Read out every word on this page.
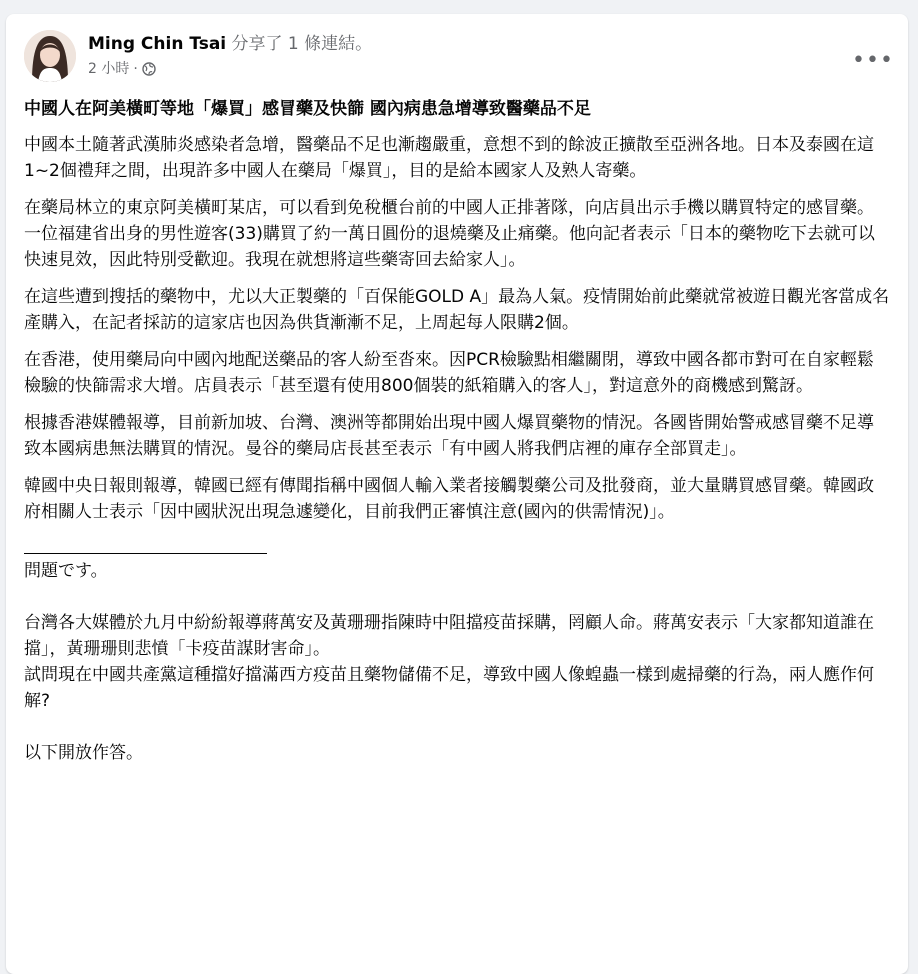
Ming Chin Tsai 分享了 1 條連結。
2 小時 ·	•••
中國人在阿美橫町等地「爆買」感冒藥及快篩 國內病患急增導致醫藥品不足
中國本土隨著武漢肺炎感染者急增，醫藥品不足也漸趨嚴重，意想不到的餘波正擴散至亞洲各地。日本及泰國在這1~2個禮拜之間，出現許多中國人在藥局「爆買」，目的是給本國家人及熟人寄藥。
在藥局林立的東京阿美橫町某店，可以看到免稅櫃台前的中國人正排著隊，向店員出示手機以購買特定的感冒藥。一位福建省出身的男性遊客(33)購買了約一萬日圓份的退燒藥及止痛藥。他向記者表示「日本的藥物吃下去就可以快速見效，因此特別受歡迎。我現在就想將這些藥寄回去給家人」。
在這些遭到搜括的藥物中，尤以大正製藥的「百保能GOLD A」最為人氣。疫情開始前此藥就常被遊日觀光客當成名產購入，在記者採訪的這家店也因為供貨漸漸不足，上周起每人限購2個。
在香港，使用藥局向中國內地配送藥品的客人紛至沓來。因PCR檢驗點相繼關閉，導致中國各都市對可在自家輕鬆檢驗的快篩需求大增。店員表示「甚至還有使用800個裝的紙箱購入的客人」，對這意外的商機感到驚訝。
根據香港媒體報導，目前新加坡、台灣、澳洲等都開始出現中國人爆買藥物的情況。各國皆開始警戒感冒藥不足導致本國病患無法購買的情況。曼谷的藥局店長甚至表示「有中國人將我們店裡的庫存全部買走」。
韓國中央日報則報導，韓國已經有傳聞指稱中國個人輸入業者接觸製藥公司及批發商，並大量購買感冒藥。韓國政府相關人士表示「因中國狀況出現急遽變化，目前我們正審慎注意(國內的供需情況)」。
問題です。
台灣各大媒體於九月中紛紛報導蔣萬安及黃珊珊指陳時中阻擋疫苗採購，罔顧人命。蔣萬安表示「大家都知道誰在擋」，黃珊珊則悲憤「卡疫苗謀財害命」。
試問現在中國共產黨這種擋好擋滿西方疫苗且藥物儲備不足，導致中國人像蝗蟲一樣到處掃藥的行為，兩人應作何解?
以下開放作答。
